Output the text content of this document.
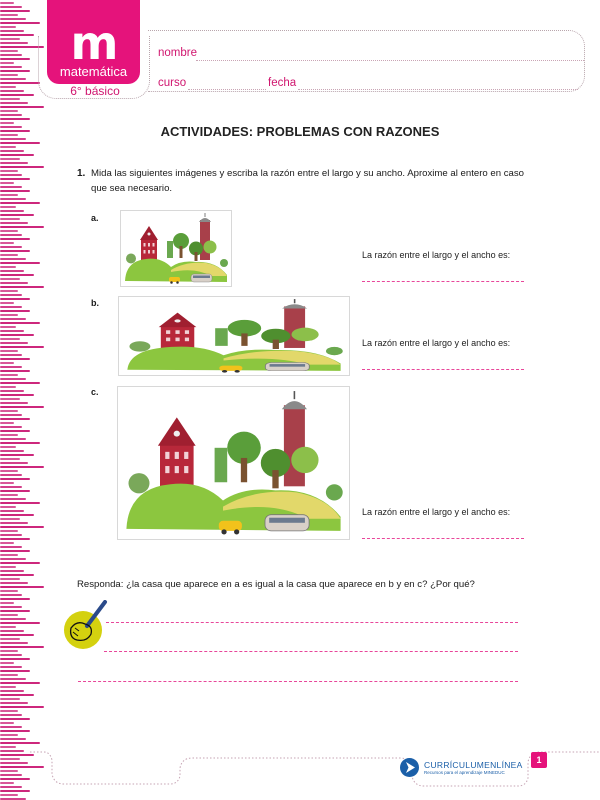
m
matemática
6° básico
nombre
curso	fecha
ACTIVIDADES: PROBLEMAS CON RAZONES
1. Mida las siguientes imágenes y escriba la razón entre el largo y su ancho. Aproxime al entero en caso que sea necesario.
a.
La razón entre el largo y el ancho es:
b.
La razón entre el largo y el ancho es:
c.
La razón entre el largo y el ancho es:
Responda: ¿la casa que aparece en a es igual a la casa que aparece en b y en c? ¿Por qué?
CURRÍCULUMENLÍNEA
Recursos para el aprendizaje MINEDUC
1
